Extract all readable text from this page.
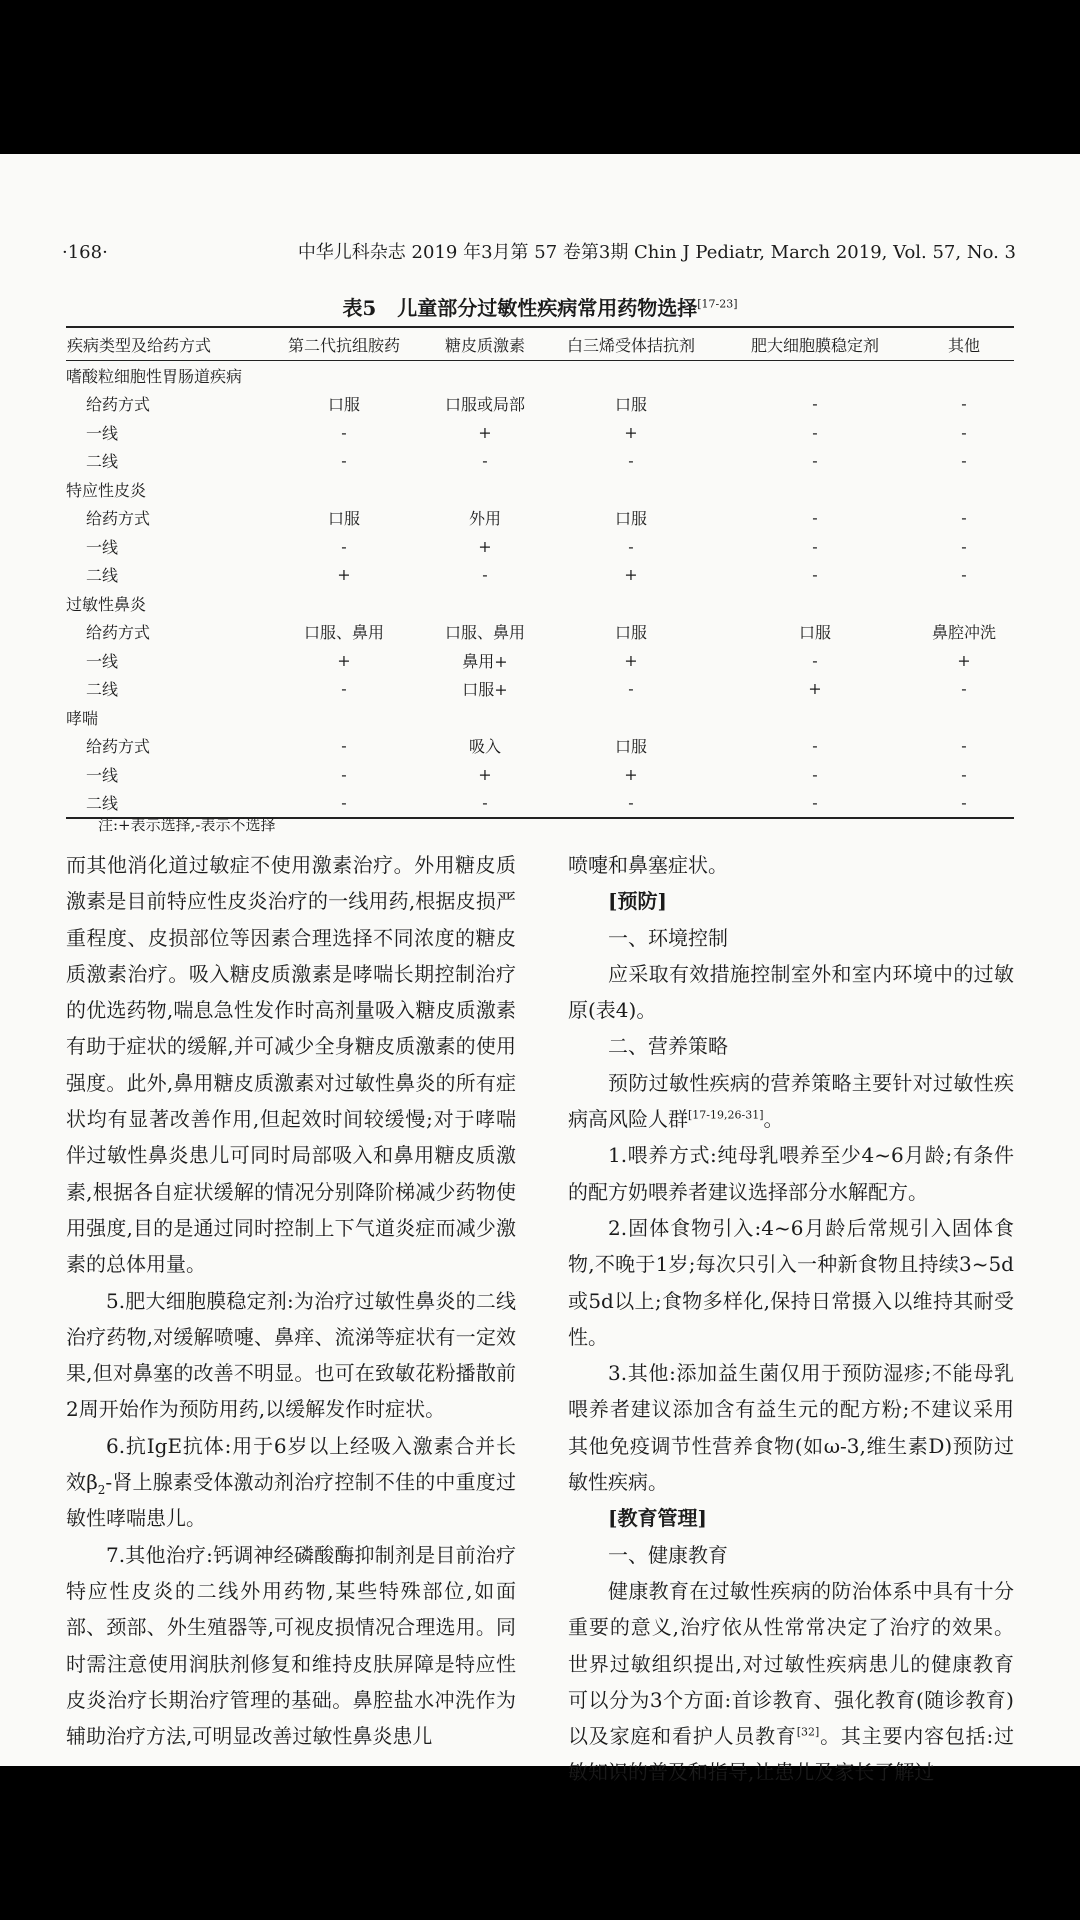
·168·	中华儿科杂志 2019 年3月第 57 卷第3期 Chin J Pediatr, March 2019, Vol. 57, No. 3
表5 儿童部分过敏性疾病常用药物选择[17-23]
疾病类型及给药方式	第二代抗组胺药	糖皮质激素	白三烯受体拮抗剂	肥大细胞膜稳定剂	其他
嗜酸粒细胞性胃肠道疾病					
给药方式	口服	口服或局部	口服	-	-
一线	-	+	+	-	-
二线	-	-	-	-	-
特应性皮炎					
给药方式	口服	外用	口服	-	-
一线	-	+	-	-	-
二线	+	-	+	-	-
过敏性鼻炎					
给药方式	口服、鼻用	口服、鼻用	口服	口服	鼻腔冲洗
一线	+	鼻用+	+	-	+
二线	-	口服+	-	+	-
哮喘					
给药方式	-	吸入	口服	-	-
一线	-	+	+	-	-
二线	-	-	-	-	-
注:+表示选择,-表示不选择

而其他消化道过敏症不使用激素治疗。外用糖皮质激素是目前特应性皮炎治疗的一线用药,根据皮损严重程度、皮损部位等因素合理选择不同浓度的糖皮质激素治疗。吸入糖皮质激素是哮喘长期控制治疗的优选药物,喘息急性发作时高剂量吸入糖皮质激素有助于症状的缓解,并可减少全身糖皮质激素的使用强度。此外,鼻用糖皮质激素对过敏性鼻炎的所有症状均有显著改善作用,但起效时间较缓慢;对于哮喘伴过敏性鼻炎患儿可同时局部吸入和鼻用糖皮质激素,根据各自症状缓解的情况分别降阶梯减少药物使用强度,目的是通过同时控制上下气道炎症而减少激素的总体用量。

5.肥大细胞膜稳定剂:为治疗过敏性鼻炎的二线治疗药物,对缓解喷嚏、鼻痒、流涕等症状有一定效果,但对鼻塞的改善不明显。也可在致敏花粉播散前2周开始作为预防用药,以缓解发作时症状。

6.抗IgE抗体:用于6岁以上经吸入激素合并长效$\beta_2-$肾上腺素受体激动剂治疗控制不佳的中重度过敏性哮喘患儿。

7.其他治疗:钙调神经磷酸酶抑制剂是目前治疗特应性皮炎的二线外用药物,某些特殊部位,如面部、颈部、外生殖器等,可视皮损情况合理选用。同时需注意使用润肤剂修复和维持皮肤屏障是特应性皮炎治疗长期治疗管理的基础。鼻腔盐水冲洗作为辅助治疗方法,可明显改善过敏性鼻炎患儿

喷嚏和鼻塞症状。

[预防]

一、环境控制

应采取有效措施控制室外和室内环境中的过敏原(表4)。

二、营养策略

预防过敏性疾病的营养策略主要针对过敏性疾病高风险人群[17-19,26-31]。

1.喂养方式:纯母乳喂养至少4~6月龄;有条件的配方奶喂养者建议选择部分水解配方。

2.固体食物引入:4~6月龄后常规引入固体食物,不晚于1岁;每次只引入一种新食物且持续3~5d或5d以上;食物多样化,保持日常摄入以维持其耐受性。

3.其他:添加益生菌仅用于预防湿疹;不能母乳喂养者建议添加含有益生元的配方粉;不建议采用其他免疫调节性营养食物(如ω-3,维生素D)预防过敏性疾病。

[教育管理]

一、健康教育

健康教育在过敏性疾病的防治体系中具有十分重要的意义,治疗依从性常常决定了治疗的效果。世界过敏组织提出,对过敏性疾病患儿的健康教育可以分为3个方面:首诊教育、强化教育(随诊教育)以及家庭和看护人员教育[32]。其主要内容包括:过敏知识的普及和指导,让患儿及家长了解过
